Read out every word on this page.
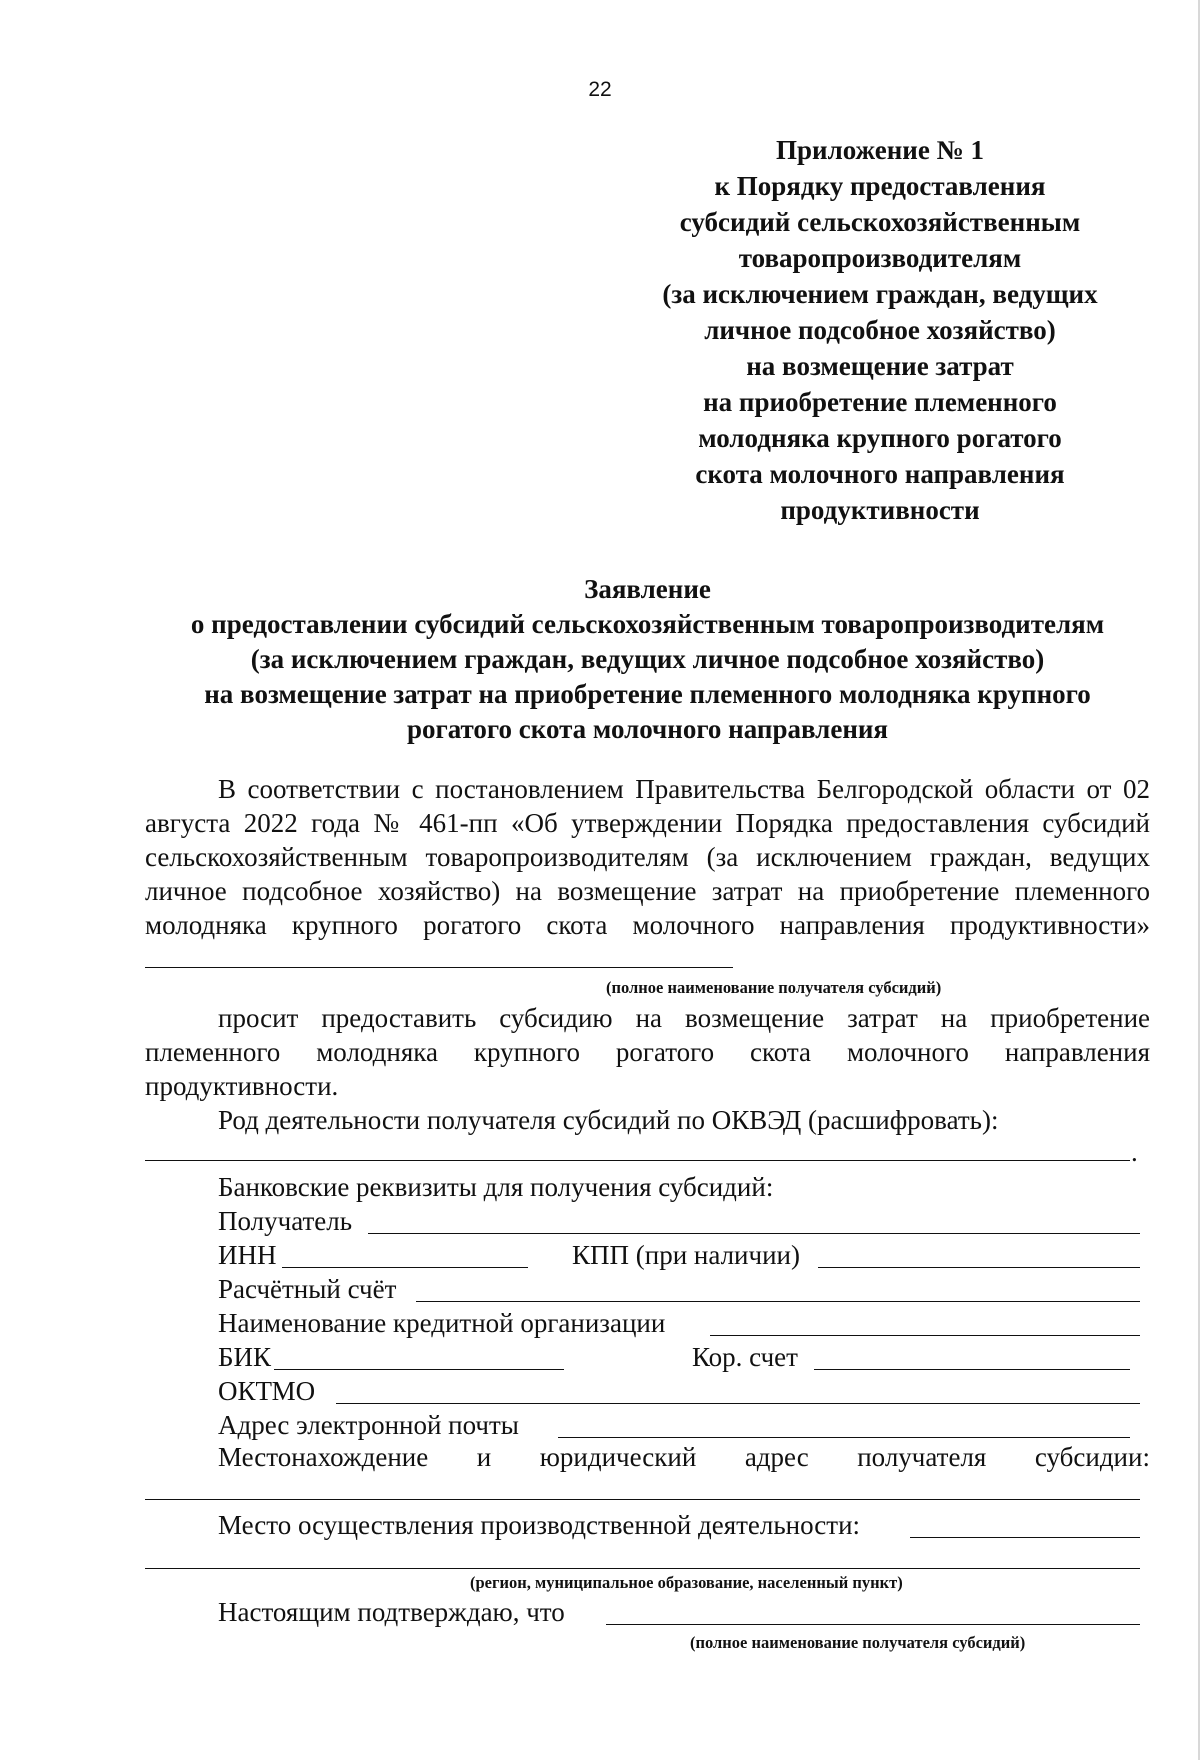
22
Приложение № 1
к Порядку предоставления
субсидий сельскохозяйственным
товаропроизводителям
(за исключением граждан, ведущих
личное подсобное хозяйство)
на возмещение затрат
на приобретение племенного
молодняка крупного рогатого
скота молочного направления
продуктивности
Заявление
о предоставлении субсидий сельскохозяйственным товаропроизводителям
(за исключением граждан, ведущих личное подсобное хозяйство)
на возмещение затрат на приобретение племенного молодняка крупного
рогатого скота молочного направления
В соответствии с постановлением Правительства Белгородской области от 02 августа 2022 года № 461-пп «Об утверждении Порядка предоставления субсидий сельскохозяйственным товаропроизводителям (за исключением граждан, ведущих личное подсобное хозяйство) на возмещение затрат на приобретение племенного молодняка крупного рогатого скота молочного направления продуктивности»
(полное наименование получателя субсидий)
просит предоставить субсидию на возмещение затрат на приобретение племенного молодняка крупного рогатого скота молочного направления продуктивности.
Род деятельности получателя субсидий по ОКВЭД (расшифровать):
.
Банковские реквизиты для получения субсидий:
Получатель
ИНН	КПП (при наличии)
Расчётный счёт
Наименование кредитной организации
БИК	Кор. счет
ОКТМО
Адрес электронной почты
Местонахождение и юридический адрес получателя субсидии:
Место осуществления производственной деятельности:
(регион, муниципальное образование, населенный пункт)
Настоящим подтверждаю, что
(полное наименование получателя субсидий)
